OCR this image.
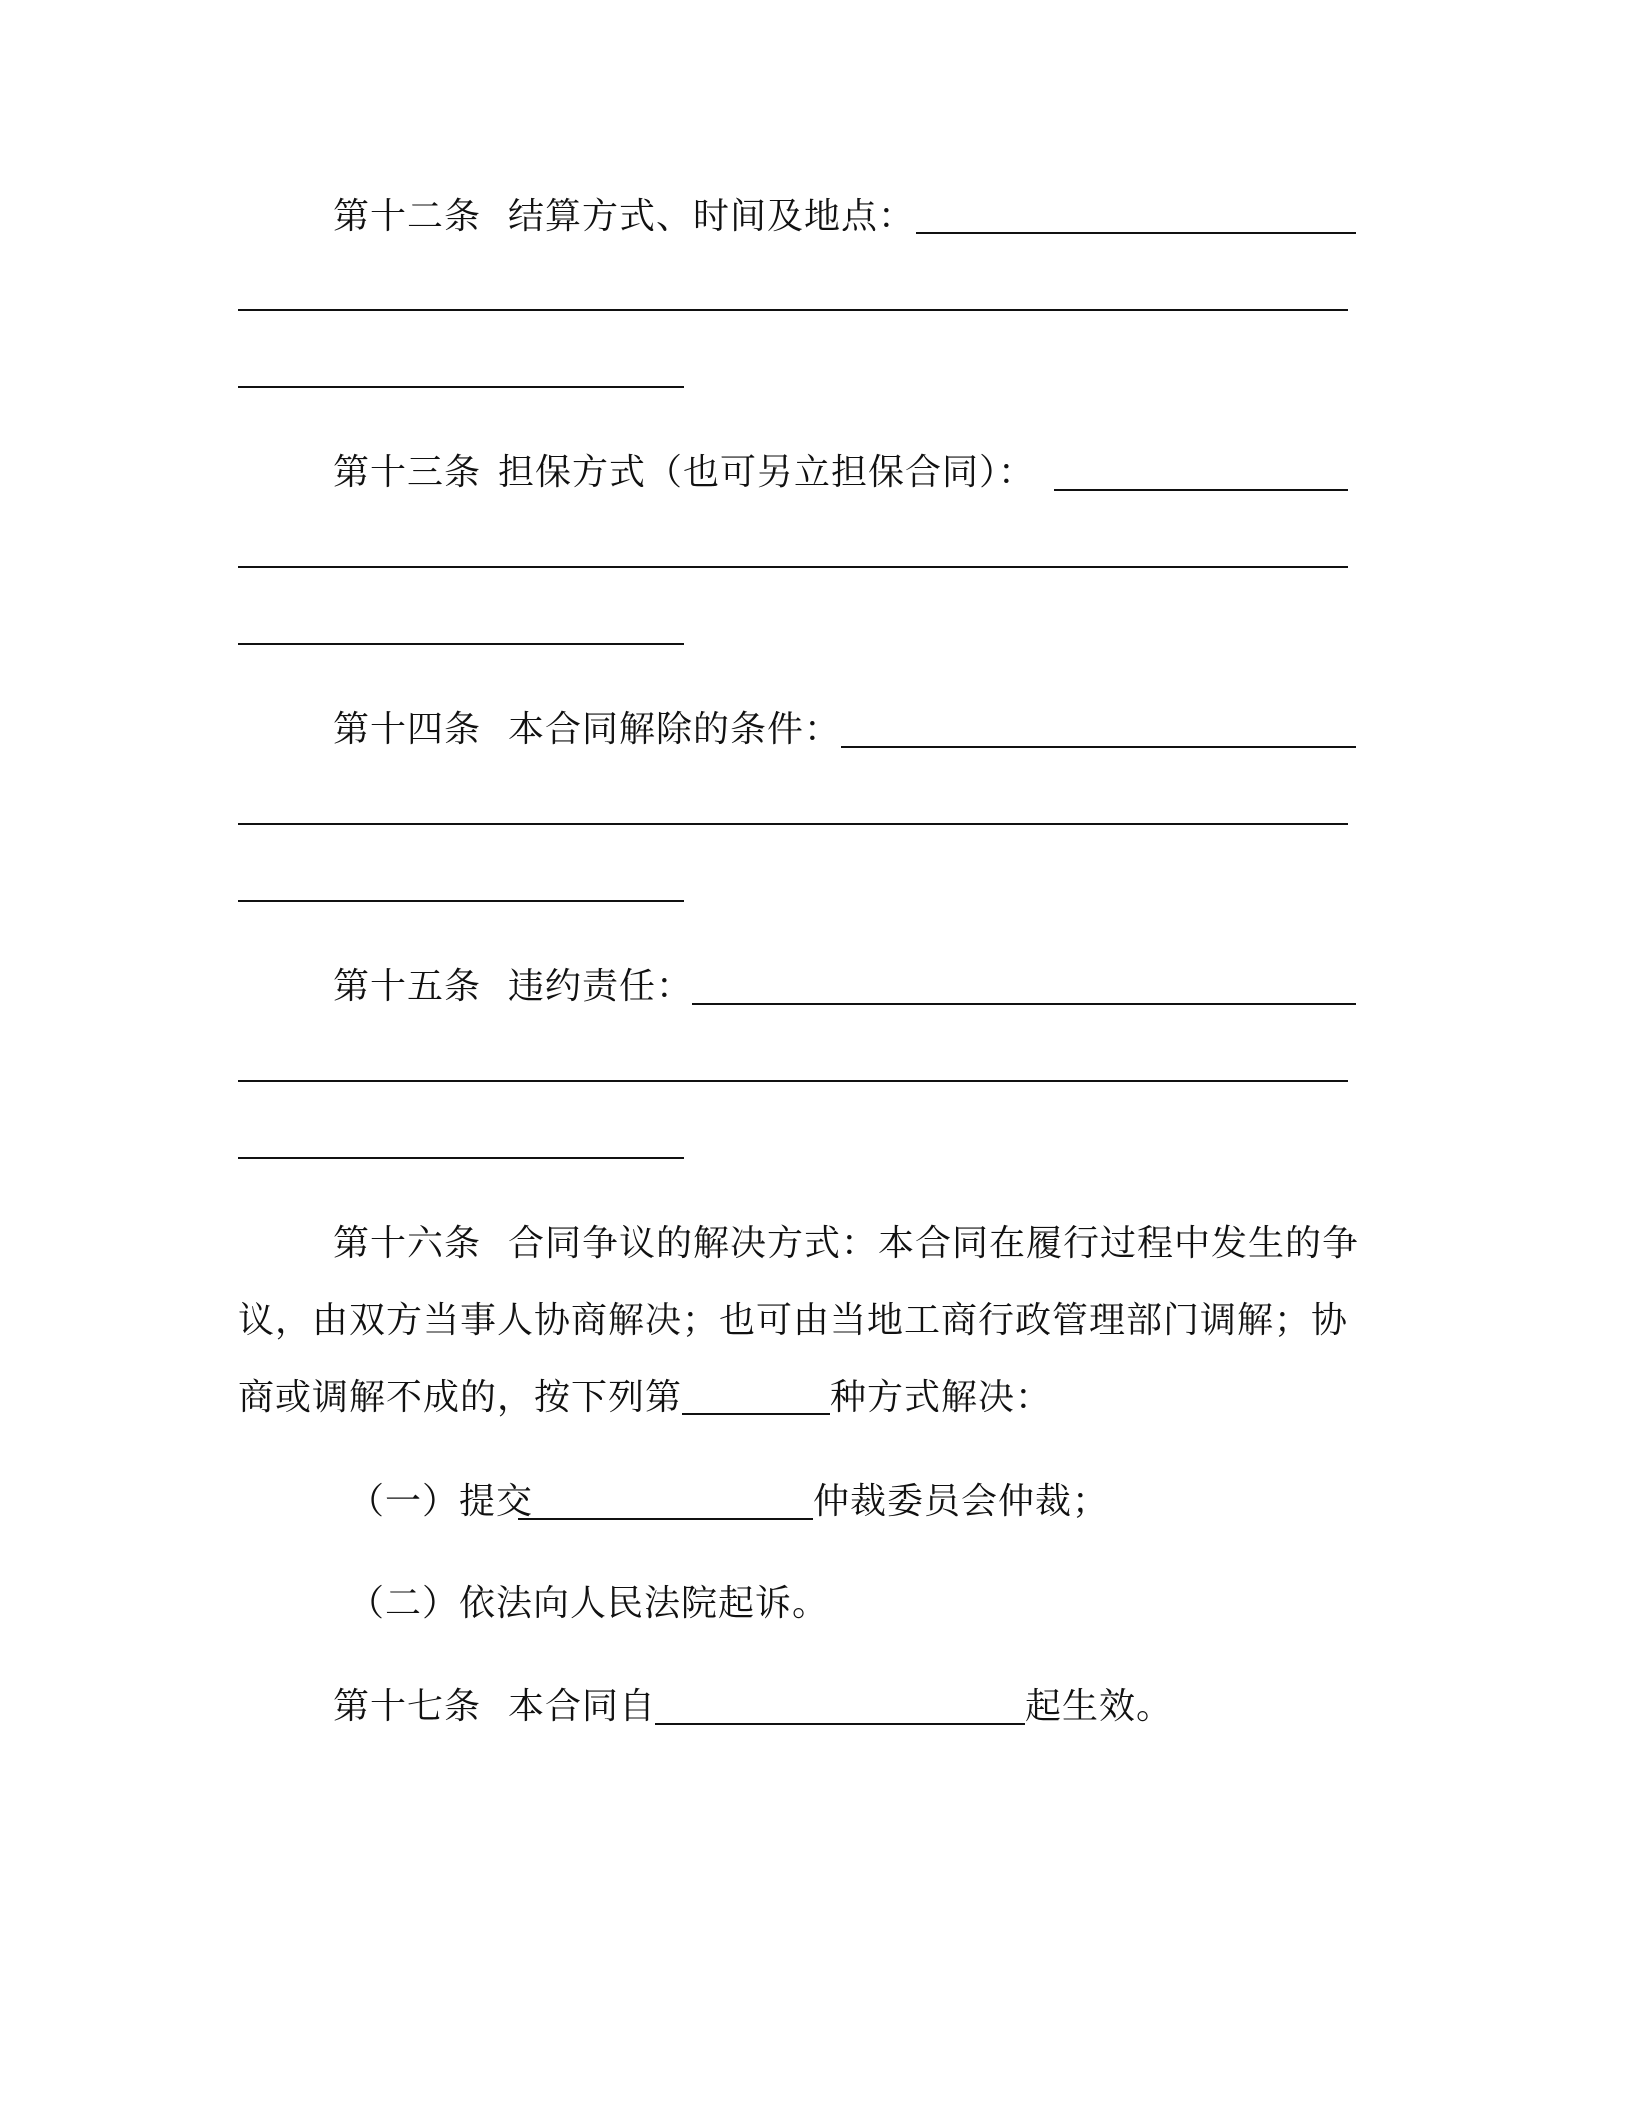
第十二条 结算方式、时间及地点：
第十三条 担保方式（也可另立担保合同）：
第十四条 本合同解除的条件：
第十五条 违约责任：
第十六条 合同争议的解决方式：本合同在履行过程中发生的争
议，由双方当事人协商解决；也可由当地工商行政管理部门调解；协
商或调解不成的，按下列第	种方式解决：
（一）提交	仲裁委员会仲裁；
（二）依法向人民法院起诉。
第十七条 本合同自	起生效。
